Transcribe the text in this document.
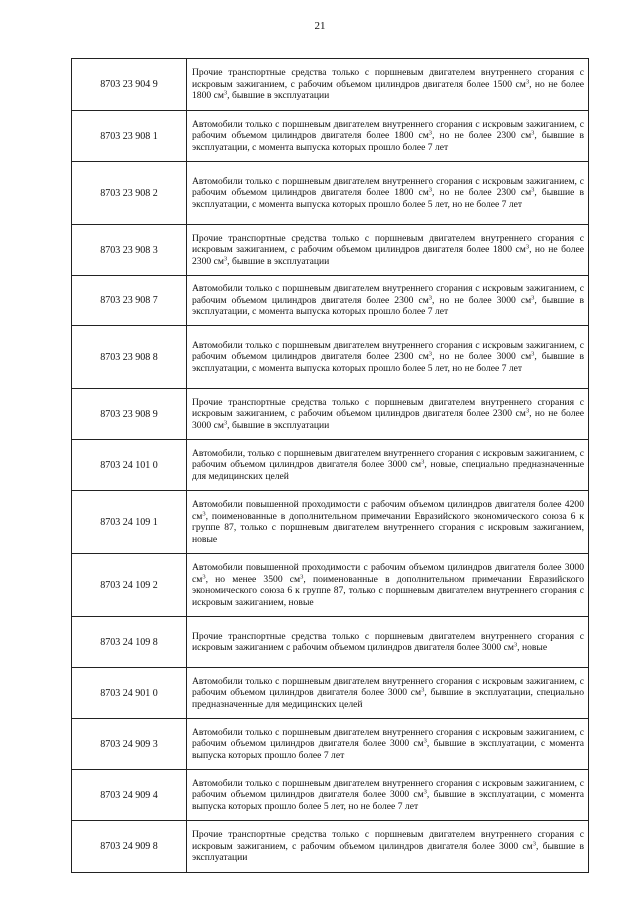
21
8703 23 904 9	Прочие транспортные средства только с поршневым двигателем внутреннего сгорания с искровым зажиганием, с рабочим объемом цилиндров двигателя более 1500 $см^3$, но не более 1800 $см^3$, бывшие в эксплуатации
8703 23 908 1	Автомобили только с поршневым двигателем внутреннего сгорания с искровым зажиганием, с рабочим объемом цилиндров двигателя более 1800 $см^3$, но не более 2300 $см^3$, бывшие в эксплуатации, с момента выпуска которых прошло более 7 лет
8703 23 908 2	Автомобили только с поршневым двигателем внутреннего сгорания с искровым зажиганием, с рабочим объемом цилиндров двигателя более 1800 $см^3$, но не более 2300 $см^3$, бывшие в эксплуатации, с момента выпуска которых прошло более 5 лет, но не более 7 лет
8703 23 908 3	Прочие транспортные средства только с поршневым двигателем внутреннего сгорания с искровым зажиганием, с рабочим объемом цилиндров двигателя более 1800 $см^3$, но не более 2300 $см^3$, бывшие в эксплуатации
8703 23 908 7	Автомобили только с поршневым двигателем внутреннего сгорания с искровым зажиганием, с рабочим объемом цилиндров двигателя более 2300 $см^3$, но не более 3000 $см^3$, бывшие в эксплуатации, с момента выпуска которых прошло более 7 лет
8703 23 908 8	Автомобили только с поршневым двигателем внутреннего сгорания с искровым зажиганием, с рабочим объемом цилиндров двигателя более 2300 $см^3$, но не более 3000 $см^3$, бывшие в эксплуатации, с момента выпуска которых прошло более 5 лет, но не более 7 лет
8703 23 908 9	Прочие транспортные средства только с поршневым двигателем внутреннего сгорания с искровым зажиганием, с рабочим объемом цилиндров двигателя более 2300 $см^3$, но не более 3000 $см^3$, бывшие в эксплуатации
8703 24 101 0	Автомобили, только с поршневым двигателем внутреннего сгорания с искровым зажиганием, с рабочим объемом цилиндров двигателя более 3000 $см^3$, новые, специально предназначенные для медицинских целей
8703 24 109 1	Автомобили повышенной проходимости с рабочим объемом цилиндров двигателя более 4200 $см^3$, поименованные в дополнительном примечании Евразийского экономического союза 6 к группе 87, только с поршневым двигателем внутреннего сгорания с искровым зажиганием, новые
8703 24 109 2	Автомобили повышенной проходимости с рабочим объемом цилиндров двигателя более 3000 $см^3$, но менее 3500 $см^3$, поименованные в дополнительном примечании Евразийского экономического союза 6 к группе 87, только с поршневым двигателем внутреннего сгорания с искровым зажиганием, новые
8703 24 109 8	Прочие транспортные средства только с поршневым двигателем внутреннего сгорания с искровым зажиганием с рабочим объемом цилиндров двигателя более 3000 $см^3$, новые
8703 24 901 0	Автомобили только с поршневым двигателем внутреннего сгорания с искровым зажиганием, с рабочим объемом цилиндров двигателя более 3000 $см^3$, бывшие в эксплуатации, специально предназначенные для медицинских целей
8703 24 909 3	Автомобили только с поршневым двигателем внутреннего сгорания с искровым зажиганием, с рабочим объемом цилиндров двигателя более 3000 $см^3$, бывшие в эксплуатации, с момента выпуска которых прошло более 7 лет
8703 24 909 4	Автомобили только с поршневым двигателем внутреннего сгорания с искровым зажиганием, с рабочим объемом цилиндров двигателя более 3000 $см^3$, бывшие в эксплуатации, с момента выпуска которых прошло более 5 лет, но не более 7 лет
8703 24 909 8	Прочие транспортные средства только с поршневым двигателем внутреннего сгорания с искровым зажиганием, с рабочим объемом цилиндров двигателя более 3000 $см^3$, бывшие в эксплуатации
